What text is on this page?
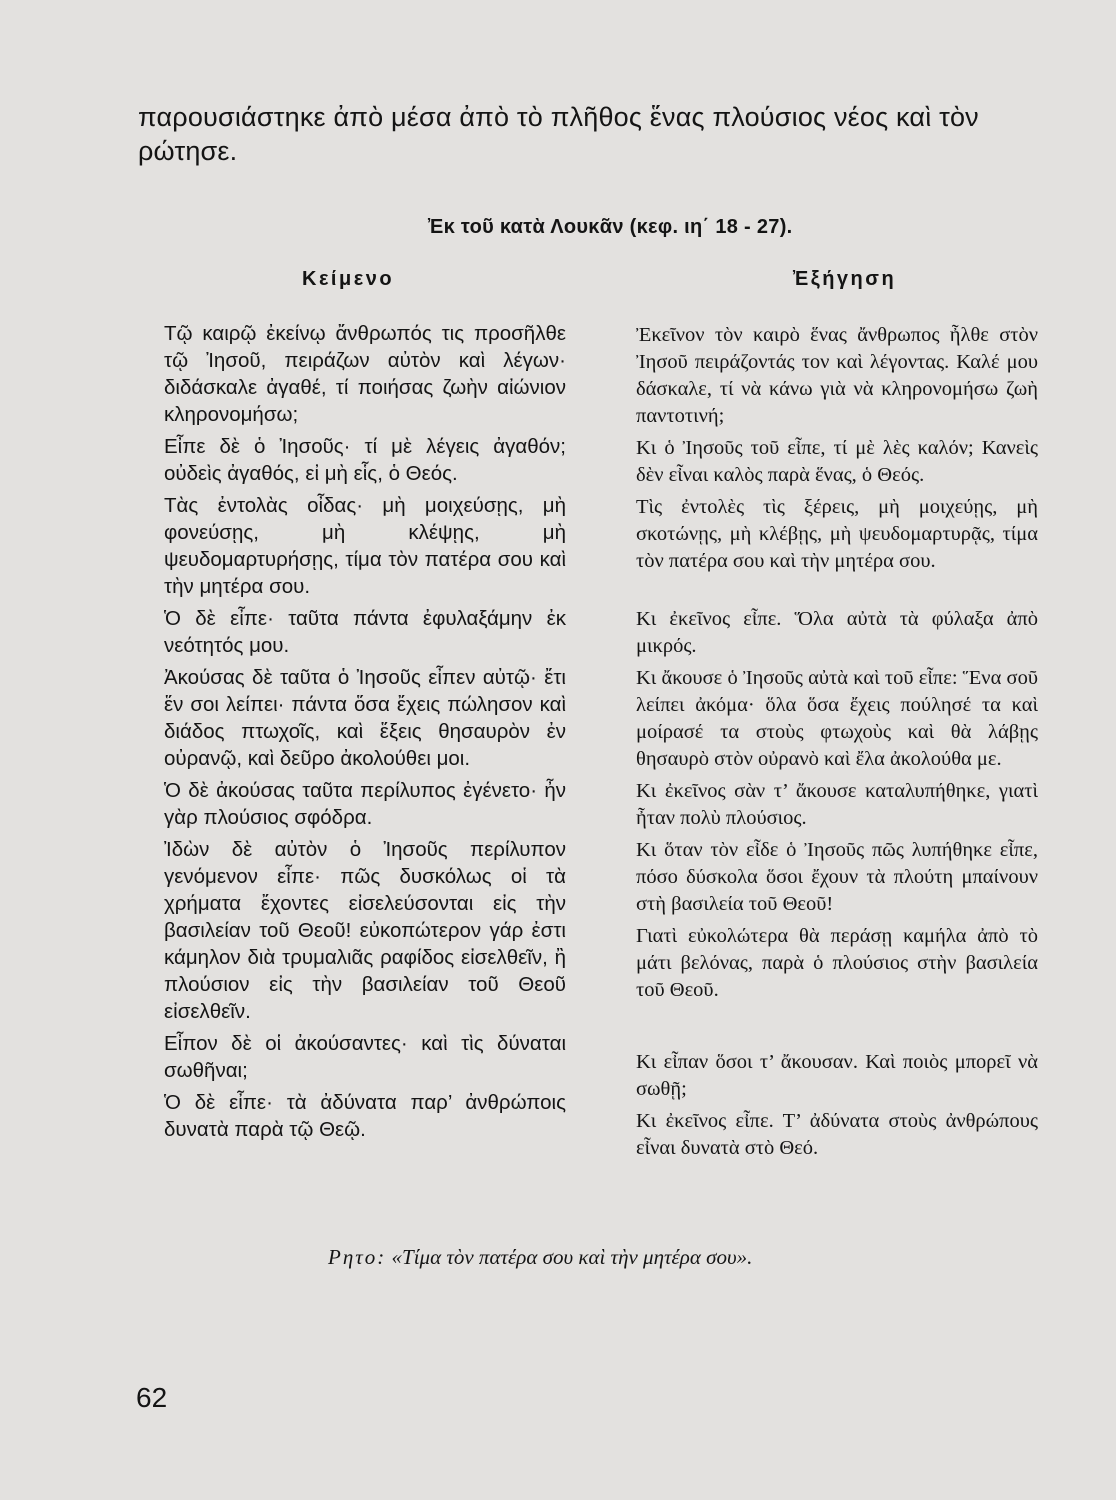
παρουσιάστηκε ἀπὸ μέσα ἀπὸ τὸ πλῆθος ἕνας πλούσιος νέος καὶ τὸν ρώτησε.
Ἐκ τοῦ κατὰ Λουκᾶν (κεφ. ιη΄ 18 - 27).
Κείμενο	Ἐξήγηση

Τῷ καιρῷ ἐκείνῳ ἄνθρωπός τις προσῆλθε τῷ Ἰησοῦ, πειράζων αὐτὸν καὶ λέγων· διδάσκαλε ἀγαθέ, τί ποιήσας ζωὴν αἰώνιον κληρονομήσω;

Εἶπε δὲ ὁ Ἰησοῦς· τί μὲ λέγεις ἀγαθόν; οὐδεὶς ἀγαθός, εἰ μὴ εἷς, ὁ Θεός.

Τὰς ἐντολὰς οἶδας· μὴ μοιχεύσῃς, μὴ φονεύσῃς, μὴ κλέψῃς, μὴ ψευδομαρτυρήσῃς, τίμα τὸν πατέρα σου καὶ τὴν μητέρα σου.

Ὁ δὲ εἶπε· ταῦτα πάντα ἐφυλαξάμην ἐκ νεότητός μου.

Ἀκούσας δὲ ταῦτα ὁ Ἰησοῦς εἶπεν αὐτῷ· ἔτι ἕν σοι λείπει· πάντα ὅσα ἔχεις πώλησον καὶ διάδος πτωχοῖς, καὶ ἕξεις θησαυρὸν ἐν οὐρανῷ, καὶ δεῦρο ἀκολούθει μοι.

Ὁ δὲ ἀκούσας ταῦτα περίλυπος ἐγένετο· ἦν γὰρ πλούσιος σφόδρα.

Ἰδὼν δὲ αὐτὸν ὁ Ἰησοῦς περίλυπον γενόμενον εἶπε· πῶς δυσκόλως οἱ τὰ χρήματα ἔχοντες εἰσελεύσονται εἰς τὴν βασιλείαν τοῦ Θεοῦ! εὐκοπώτερον γάρ ἐστι κάμηλον διὰ τρυμαλιᾶς ραφίδος εἰσελθεῖν, ἢ πλούσιον εἰς τὴν βασιλείαν τοῦ Θεοῦ εἰσελθεῖν.

Εἶπον δὲ οἱ ἀκούσαντες· καὶ τὶς δύναται σωθῆναι;

Ὁ δὲ εἶπε· τὰ ἀδύνατα παρ’ ἀνθρώποις δυνατὰ παρὰ τῷ Θεῷ.

Ἐκεῖνον τὸν καιρὸ ἕνας ἄνθρωπος ἦλθε στὸν Ἰησοῦ πειράζοντάς τον καὶ λέγοντας. Καλέ μου δάσκαλε, τί νὰ κάνω γιὰ νὰ κληρονομήσω ζωὴ παντοτινή;

Κι ὁ Ἰησοῦς τοῦ εἶπε, τί μὲ λὲς καλόν; Κανεὶς δὲν εἶναι καλὸς παρὰ ἕνας, ὁ Θεός.

Τὶς ἐντολὲς τὶς ξέρεις, μὴ μοιχεύῃς, μὴ σκοτώνῃς, μὴ κλέβῃς, μὴ ψευδομαρτυρᾷς, τίμα τὸν πατέρα σου καὶ τὴν μητέρα σου.

Κι ἐκεῖνος εἶπε. Ὅλα αὐτὰ τὰ φύλαξα ἀπὸ μικρός.

Κι ἄκουσε ὁ Ἰησοῦς αὐτὰ καὶ τοῦ εἶπε: Ἕνα σοῦ λείπει ἀκόμα· ὅλα ὅσα ἔχεις πούλησέ τα καὶ μοίρασέ τα στοὺς φτωχοὺς καὶ θὰ λάβῃς θησαυρὸ στὸν οὐρανὸ καὶ ἔλα ἀκολούθα με.

Κι ἐκεῖνος σὰν τ’ ἄκουσε καταλυπήθηκε, γιατὶ ἦταν πολὺ πλούσιος.

Κι ὅταν τὸν εἶδε ὁ Ἰησοῦς πῶς λυπήθηκε εἶπε, πόσο δύσκολα ὅσοι ἔχουν τὰ πλούτη μπαίνουν στὴ βασιλεία τοῦ Θεοῦ!

Γιατὶ εὐκολώτερα θὰ περάσῃ καμήλα ἀπὸ τὸ μάτι βελόνας, παρὰ ὁ πλούσιος στὴν βασιλεία τοῦ Θεοῦ.

Κι εἶπαν ὅσοι τ’ ἄκουσαν. Καὶ ποιὸς μπορεῖ νὰ σωθῇ;

Κι ἐκεῖνος εἶπε. Τ’ ἀδύνατα στοὺς ἀνθρώπους εἶναι δυνατὰ στὸ Θεό.

Ρητο: «Τίμα τὸν πατέρα σου καὶ τὴν μητέρα σου».
62
